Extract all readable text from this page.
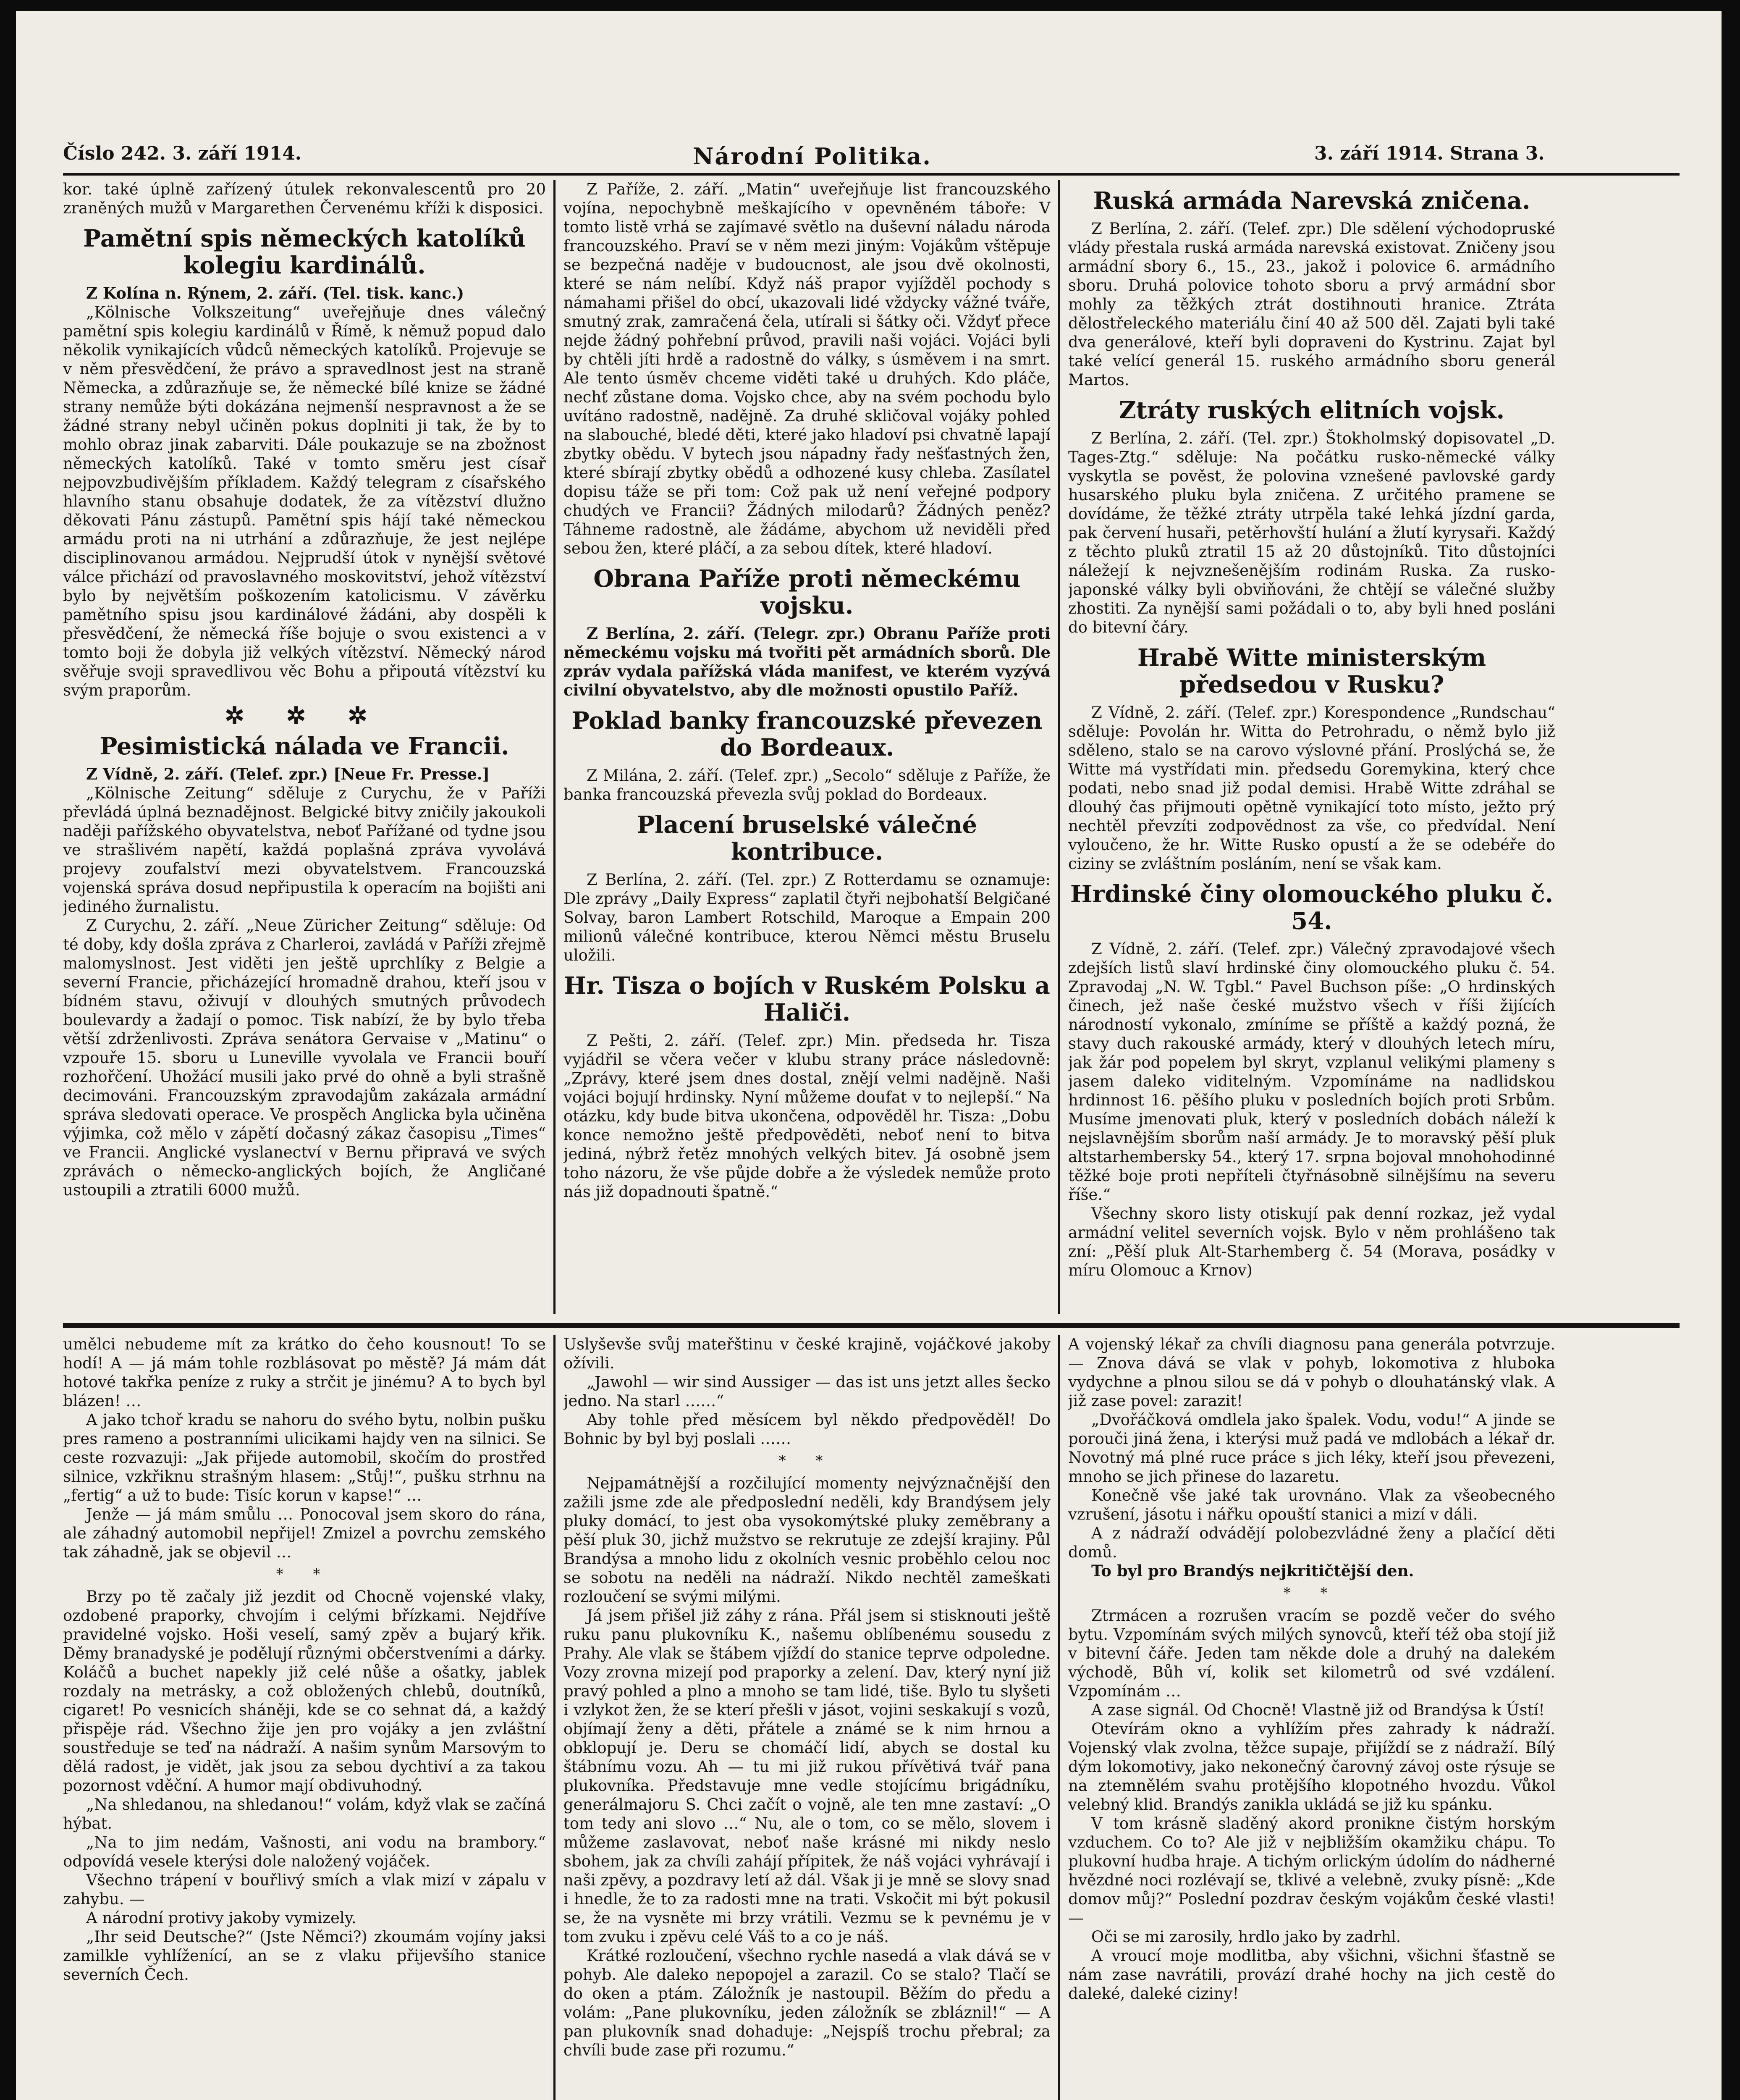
Číslo 242. 3. září 1914.	Národní Politika.	3. září 1914. Strana 3.

kor. také úplně zařízený útulek rekonvalescentů pro 20 zraněných mužů v Margarethen Červenému kříži k disposici.

Pamětní spis německých katolíků kolegiu kardinálů.

Z Kolína n. Rýnem, 2. září. (Tel. tisk. kanc.)

„Kölnische Volkszeitung“ uveřejňuje dnes válečný pamětní spis kolegiu kardinálů v Římě, k němuž popud dalo několik vynikajících vůdců německých katolíků. Projevuje se v něm přesvědčení, že právo a spravedlnost jest na straně Německa, a zdůrazňuje se, že německé bílé knize se žádné strany nemůže býti dokázána nejmenší nespravnost a že se žádné strany nebyl učiněn pokus doplniti ji tak, že by to mohlo obraz jinak zabarviti. Dále poukazuje se na zbožnost německých katolíků. Také v tomto směru jest císař nejpovzbudivějším příkladem. Každý telegram z císařského hlavního stanu obsahuje dodatek, že za vítězství dlužno děkovati Pánu zástupů. Pamětní spis hájí také německou armádu proti na ni utrhání a zdůrazňuje, že jest nejlépe disciplinovanou armádou. Nejprudší útok v nynější světové válce přichází od pravoslavného moskovitství, jehož vítězství bylo by největším poškozením katolicismu. V závěrku pamětního spisu jsou kardinálové žádáni, aby dospěli k přesvědčení, že německá říše bojuje o svou existenci a v tomto boji že dobyla již velkých vítězství. Německý národ svěřuje svoji spravedlivou věc Bohu a připoutá vítězství ku svým praporům.

✲ ✲ ✲
Pesimistická nálada ve Francii.

Z Vídně, 2. září. (Telef. zpr.) [Neue Fr. Presse.]

„Kölnische Zeitung“ sděluje z Curychu, že v Paříži převládá úplná beznadějnost. Belgické bitvy zničily jakoukoli naději pařížského obyvatelstva, neboť Pařížané od tydne jsou ve strašlivém napětí, každá poplašná zpráva vyvolává projevy zoufalství mezi obyvatelstvem. Francouzská vojenská správa dosud nepřipustila k operacím na bojišti ani jediného žurnalistu.

Z Curychu, 2. září. „Neue Züricher Zeitung“ sděluje: Od té doby, kdy došla zpráva z Charleroi, zavládá v Paříži zřejmě malomyslnost. Jest viděti jen ještě uprchlíky z Belgie a severní Francie, přicházející hromadně drahou, kteří jsou v bídném stavu, oživují v dlouhých smutných průvodech boulevardy a žadají o pomoc. Tisk nabízí, že by bylo třeba větší zdrženlivosti. Zpráva senátora Gervaise v „Matinu“ o vzpouře 15. sboru u Luneville vyvolala ve Francii bouří rozhořčení. Uhožácí musili jako prvé do ohně a byli strašně decimováni. Francouzským zpravodajům zakázala armádní správa sledovati operace. Ve prospěch Anglicka byla učiněna výjimka, což mělo v zápětí dočasný zákaz časopisu „Times“ ve Francii. Anglické vyslanectví v Bernu připravá ve svých zprávách o německo-anglických bojích, že Angličané ustoupili a ztratili 6000 mužů.

Z Paříže, 2. září. „Matin“ uveřejňuje list francouzského vojína, nepochybně meškajícího v opevněném táboře: V tomto listě vrhá se zajímavé světlo na duševní náladu národa francouzského. Praví se v něm mezi jiným: Vojákům vštěpuje se bezpečná naděje v budoucnost, ale jsou dvě okolnosti, které se nám nelíbí. Když náš prapor vyjížděl pochody s námahami přišel do obcí, ukazovali lidé vždycky vážné tváře, smutný zrak, zamračená čela, utírali si šátky oči. Vždyť přece nejde žádný pohřební průvod, pravili naši vojáci. Vojáci byli by chtěli jíti hrdě a radostně do války, s úsměvem i na smrt. Ale tento úsměv chceme viděti také u druhých. Kdo pláče, nechť zůstane doma. Vojsko chce, aby na svém pochodu bylo uvítáno radostně, nadějně. Za druhé skličoval vojáky pohled na slabouché, bledé děti, které jako hladoví psi chvatně lapají zbytky obědu. V bytech jsou nápadny řady nešťastných žen, které sbírají zbytky obědů a odhozené kusy chleba. Zasílatel dopisu táže se při tom: Což pak už není veřejné podpory chudých ve Francii? Žádných milodarů? Žádných peněz? Táhneme radostně, ale žádáme, abychom už neviděli před sebou žen, které pláčí, a za sebou dítek, které hladoví.

Obrana Paříže proti německému vojsku.

Z Berlína, 2. září. (Telegr. zpr.) Obranu Paříže proti německému vojsku má tvořiti pět armádních sborů. Dle zpráv vydala pařížská vláda manifest, ve kterém vyzývá civilní obyvatelstvo, aby dle možnosti opustilo Paříž.

Poklad banky francouzské převezen do Bordeaux.

Z Milána, 2. září. (Telef. zpr.) „Secolo“ sděluje z Paříže, že banka francouzská převezla svůj poklad do Bordeaux.

Placení bruselské válečné kontribuce.

Z Berlína, 2. září. (Tel. zpr.) Z Rotterdamu se oznamuje: Dle zprávy „Daily Express“ zaplatil čtyři nejbohatší Belgičané Solvay, baron Lambert Rotschild, Maroque a Empain 200 milionů válečné kontribuce, kterou Němci městu Bruselu uložili.

Hr. Tisza o bojích v Ruském Polsku a Haliči.

Z Pešti, 2. září. (Telef. zpr.) Min. předseda hr. Tisza vyjádřil se včera večer v klubu strany práce následovně: „Zprávy, které jsem dnes dostal, znějí velmi nadějně. Naši vojáci bojují hrdinsky. Nyní můžeme doufat v to nejlepší.“ Na otázku, kdy bude bitva ukončena, odpověděl hr. Tisza: „Dobu konce nemožno ještě předpověděti, neboť není to bitva jediná, nýbrž řetěz mnohých velkých bitev. Já osobně jsem toho názoru, že vše půjde dobře a že výsledek nemůže proto nás již dopadnouti špatně.“

Ruská armáda Narevská zničena.

Z Berlína, 2. září. (Telef. zpr.) Dle sdělení východopruské vlády přestala ruská armáda narevská existovat. Zničeny jsou armádní sbory 6., 15., 23., jakož i polovice 6. armádního sboru. Druhá polovice tohoto sboru a prvý armádní sbor mohly za těžkých ztrát dostihnouti hranice. Ztráta dělostřeleckého materiálu činí 40 až 500 děl. Zajati byli také dva generálové, kteří byli dopraveni do Kystrinu. Zajat byl také velící generál 15. ruského armádního sboru generál Martos.

Ztráty ruských elitních vojsk.

Z Berlína, 2. září. (Tel. zpr.) Štokholmský dopisovatel „D. Tages-Ztg.“ sděluje: Na počátku rusko-německé války vyskytla se pověst, že polovina vznešené pavlovské gardy husarského pluku byla zničena. Z určitého pramene se dovídáme, že těžké ztráty utrpěla také lehká jízdní garda, pak červení husaři, petěrhovští hulání a žlutí kyrysaři. Každý z těchto pluků ztratil 15 až 20 důstojníků. Tito důstojníci náležejí k nejvznešenějším rodinám Ruska. Za rusko-japonské války byli obviňováni, že chtějí se válečné služby zhostiti. Za nynější sami požádali o to, aby byli hned posláni do bitevní čáry.

Hrabě Witte ministerským předsedou v Rusku?

Z Vídně, 2. září. (Telef. zpr.) Korespondence „Rundschau“ sděluje: Povolán hr. Witta do Petrohradu, o němž bylo již sděleno, stalo se na carovo výslovné přání. Proslýchá se, že Witte má vystřídati min. předsedu Goremykina, který chce podati, nebo snad již podal demisi. Hrabě Witte zdráhal se dlouhý čas přijmouti opětně vynikající toto místo, ježto prý nechtěl převzíti zodpovědnost za vše, co předvídal. Není vyloučeno, že hr. Witte Rusko opustí a že se odebéře do ciziny se zvláštním posláním, není se však kam.

Hrdinské činy olomouckého pluku č. 54.

Z Vídně, 2. září. (Telef. zpr.) Válečný zpravodajové všech zdejších listů slaví hrdinské činy olomouckého pluku č. 54. Zpravodaj „N. W. Tgbl.“ Pavel Buchson píše: „O hrdinských činech, jež naše české mužstvo všech v říši žijících národností vykonalo, zmíníme se příště a každý pozná, že stavy duch rakouské armády, který v dlouhých letech míru, jak žár pod popelem byl skryt, vzplanul velikými plameny s jasem daleko viditelným. Vzpomínáme na nadlidskou hrdinnost 16. pěšího pluku v posledních bojích proti Srbům. Musíme jmenovati pluk, který v posledních dobách náleží k nejslavnějším sborům naší armády. Je to moravský pěší pluk altstarhembersky 54., který 17. srpna bojoval mnohohodinné těžké boje proti nepříteli čtyřnásobně silnějšímu na severu říše.“

Všechny skoro listy otiskují pak denní rozkaz, jež vydal armádní velitel severních vojsk. Bylo v něm prohlášeno tak zní: „Pěší pluk Alt-Starhemberg č. 54 (Morava, posádky v míru Olomouc a Krnov)

umělci nebudeme mít za krátko do čeho kousnout! To se hodí! A — já mám tohle rozblásovat po městě? Já mám dát hotové takřka peníze z ruky a strčit je jinému? A to bych byl blázen! …

A jako tchoř kradu se nahoru do svého bytu, nolbin pušku pres rameno a postranními ulicikami hajdy ven na silnici. Se ceste rozvazuji: „Jak přijede automobil, skočím do prostřed silnice, vzkřiknu strašným hlasem: „Stůj!“, pušku strhnu na „fertig“ a už to bude: Tisíc korun v kapse!“ …

Jenže — já mám smůlu … Ponocoval jsem skoro do rána, ale záhadný automobil nepřijel! Zmizel a povrchu zemského tak záhadně, jak se objevil …

* *

Brzy po tě začaly již jezdit od Chocně vojenské vlaky, ozdobené praporky, chvojím i celými břízkami. Nejdříve pravidelné vojsko. Hoši veselí, samý zpěv a bujarý křik. Děmy branadyské je podělují různými občerstveními a dárky. Koláčů a buchet napekly již celé nůše a ošatky, jablek rozdaly na metrásky, a což obložených chlebů, doutníků, cigaret! Po vesnicích sháněji, kde se co sehnat dá, a každý přispěje rád. Všechno žije jen pro vojáky a jen zvláštní soustředuje se teď na nádraží. A našim synům Marsovým to dělá radost, je vidět, jak jsou za sebou dychtiví a za takou pozornost vděční. A humor mají obdivuhodný.

„Na shledanou, na shledanou!“ volám, když vlak se začíná hýbat.

„Na to jim nedám, Vašnosti, ani vodu na brambory.“ odpovídá vesele kterýsi dole naložený vojáček.

Všechno trápení v bouřlivý smích a vlak mizí v zápalu v zahybu. —

A národní protivy jakoby vymizely.

„Ihr seid Deutsche?“ (Jste Němci?) zkoumám vojíny jaksi zamilkle vyhlíženící, an se z vlaku přijevšího stanice severních Čech.

Uslyševše svůj mateřštinu v české krajině, vojáčkové jakoby ožívili.

„Jawohl — wir sind Aussiger — das ist uns jetzt alles šecko jedno. Na starl ……“

Aby tohle před měsícem byl někdo předpověděl! Do Bohnic by byl byj poslali ……

* *

Nejpamátnější a rozčilující momenty nejvýznačnější den zažili jsme zde ale předposlední neděli, kdy Brandýsem jely pluky domácí, to jest oba vysokomýtské pluky zeměbrany a pěší pluk 30, jichž mužstvo se rekrutuje ze zdejší krajiny. Půl Brandýsa a mnoho lidu z okolních vesnic proběhlo celou noc se sobotu na neděli na nádraží. Nikdo nechtěl zameškati rozloučení se svými milými.

Já jsem přišel již záhy z rána. Přál jsem si stisknouti ještě ruku panu plukovníku K., našemu oblíbenému sousedu z Prahy. Ale vlak se štábem vjíždí do stanice teprve odpoledne. Vozy zrovna mizejí pod praporky a zelení. Dav, který nyní již pravý pohled a plno a mnoho se tam lidé, tiše. Bylo tu slyšeti i vzlykot žen, že se kterí přešli v jásot, vojini seskakují s vozů, objímají ženy a děti, přátele a známé se k nim hrnou a obklopují je. Deru se chomáčí lidí, abych se dostal ku štábnímu vozu. Ah — tu mi již rukou přívětivá tvář pana plukovníka. Představuje mne vedle stojícímu brigádníku, generálmajoru S. Chci začít o vojně, ale ten mne zastaví: „O tom tedy ani slovo …“ Nu, ale o tom, co se mělo, slovem i můžeme zaslavovat, neboť naše krásné mi nikdy neslo sbohem, jak za chvíli zahájí přípitek, že náš vojáci vyhrávají i naši zpěvy, a pozdravy letí až dál. Však ji je mně se slovy snad i hnedle, že to za radosti mne na trati. Vskočit mi být pokusil se, že na vysněte mi brzy vrátili. Vezmu se k pevnému je v tom zvuku i zpěvu celé Váš to a co je náš.

Krátké rozloučení, všechno rychle nasedá a vlak dává se v pohyb. Ale daleko nepopojel a zarazil. Co se stalo? Tlačí se do oken a ptám. Záložník je nastoupil. Běžím do předu a volám: „Pane plukovníku, jeden záložník se zbláznil!“ — A pan plukovník snad dohaduje: „Nejspíš trochu přebral; za chvíli bude zase při rozumu.“

A vojenský lékař za chvíli diagnosu pana generála potvrzuje. — Znova dává se vlak v pohyb, lokomotiva z hluboka vydychne a plnou silou se dá v pohyb o dlouhatánský vlak. A již zase povel: zarazit!

„Dvořáčková omdlela jako špalek. Vodu, vodu!“ A jinde se porouči jiná žena, i kterýsi muž padá ve mdlobách a lékař dr. Novotný má plné ruce práce s jich léky, kteří jsou převezeni, mnoho se jich přinese do lazaretu.

Konečně vše jaké tak urovnáno. Vlak za všeobecného vzrušení, jásotu i nářku opouští stanici a mizí v dáli.

A z nádraží odvádějí polobezvládné ženy a plačící děti domů.

To byl pro Brandýs nejkritičtější den.

* *

Ztrmácen a rozrušen vracím se pozdě večer do svého bytu. Vzpomínám svých milých synovců, kteří též oba stojí již v bitevní čáře. Jeden tam někde dole a druhý na dalekém východě, Bůh ví, kolik set kilometrů od své vzdálení. Vzpomínám …

A zase signál. Od Chocně! Vlastně již od Brandýsa k Ústí!

Otevírám okno a vyhlížím přes zahrady k nádraží. Vojenský vlak zvolna, těžce supaje, přijíždí se z nádraží. Bílý dým lokomotivy, jako nekonečný čarovný závoj oste rýsuje se na ztemnělém svahu protějšího klopotného hvozdu. Vůkol velebný klid. Brandýs zanikla ukládá se již ku spánku.

V tom krásně sladěný akord pronikne čistým horským vzduchem. Co to? Ale již v nejbližším okamžiku chápu. To plukovní hudba hraje. A tichým orlickým údolím do nádherné hvězdné noci rozlévají se, tklivé a velebně, zvuky písně: „Kde domov můj?“ Poslední pozdrav českým vojákům české vlasti! —

Oči se mi zarosily, hrdlo jako by zadrhl.

A vroucí moje modlitba, aby všichni, všichni šťastně se nám zase navrátili, provází drahé hochy na jich cestě do daleké, daleké ciziny!
